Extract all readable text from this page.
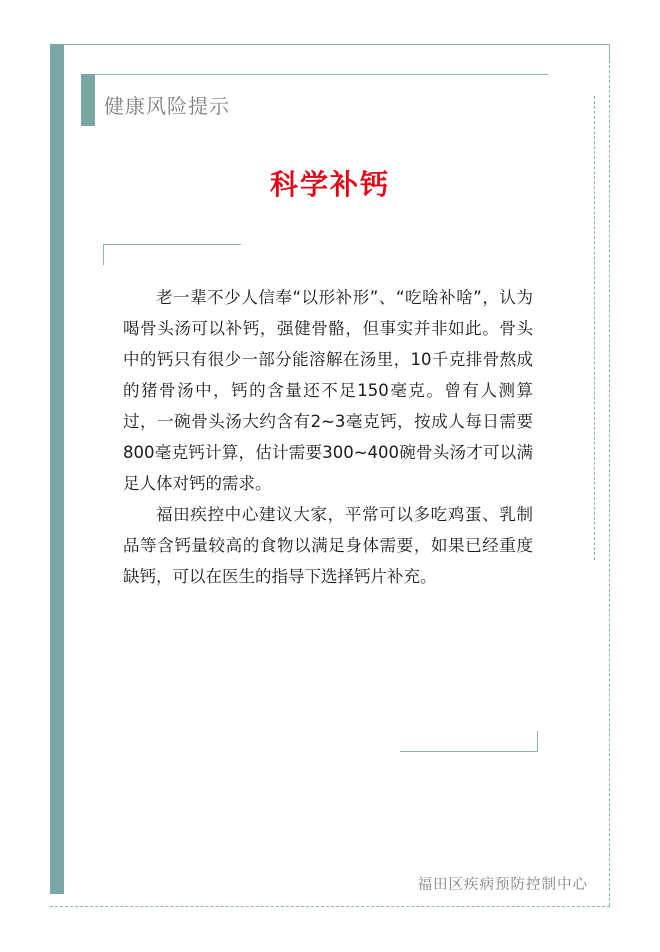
健康风险提示
科学补钙

老一辈不少人信奉“以形补形”、“吃啥补啥”，认为喝骨头汤可以补钙，强健骨骼，但事实并非如此。骨头中的钙只有很少一部分能溶解在汤里，10千克排骨熬成的猪骨汤中，钙的含量还不足150毫克。曾有人测算过，一碗骨头汤大约含有2~3毫克钙，按成人每日需要800毫克钙计算，估计需要300~400碗骨头汤才可以满足人体对钙的需求。

福田疾控中心建议大家，平常可以多吃鸡蛋、乳制品等含钙量较高的食物以满足身体需要，如果已经重度缺钙，可以在医生的指导下选择钙片补充。

福田区疾病预防控制中心
